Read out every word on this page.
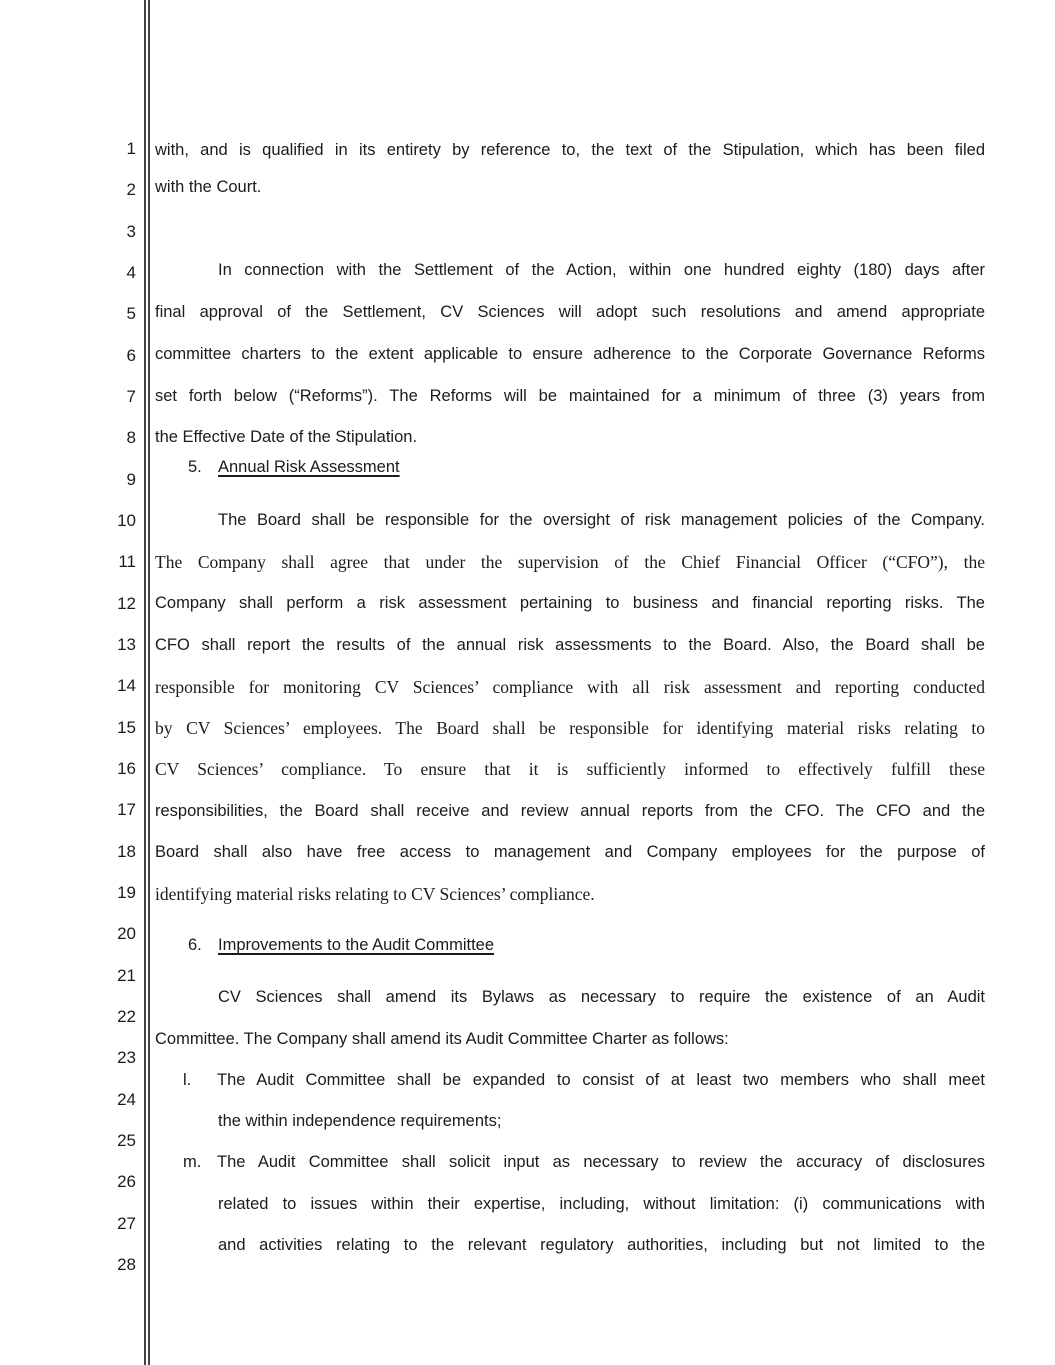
1
2
3
4
5
6
7
8
9
10
11
12
13
14
15
16
17
18
19
20
21
22
23
24
25
26
27
28
with, and is qualified in its entirety by reference to, the text of the Stipulation, which has been filed
with the Court.
In connection with the Settlement of the Action, within one hundred eighty (180) days after
final approval of the Settlement, CV Sciences will adopt such resolutions and amend appropriate
committee charters to the extent applicable to ensure adherence to the Corporate Governance Reforms
set forth below (“Reforms”). The Reforms will be maintained for a minimum of three (3) years from
the Effective Date of the Stipulation.
5. Annual Risk Assessment
The Board shall be responsible for the oversight of risk management policies of the Company.
The Company shall agree that under the supervision of the Chief Financial Officer (“CFO”), the
Company shall perform a risk assessment pertaining to business and financial reporting risks. The
CFO shall report the results of the annual risk assessments to the Board. Also, the Board shall be
responsible for monitoring CV Sciences’ compliance with all risk assessment and reporting conducted
by CV Sciences’ employees. The Board shall be responsible for identifying material risks relating to
CV Sciences’ compliance. To ensure that it is sufficiently informed to effectively fulfill these
responsibilities, the Board shall receive and review annual reports from the CFO. The CFO and the
Board shall also have free access to management and Company employees for the purpose of
identifying material risks relating to CV Sciences’ compliance.
6. Improvements to the Audit Committee
CV Sciences shall amend its Bylaws as necessary to require the existence of an Audit
Committee. The Company shall amend its Audit Committee Charter as follows:
l. The Audit Committee shall be expanded to consist of at least two members who shall meet
the within independence requirements;
m. The Audit Committee shall solicit input as necessary to review the accuracy of disclosures
related to issues within their expertise, including, without limitation: (i) communications with
and activities relating to the relevant regulatory authorities, including but not limited to the
